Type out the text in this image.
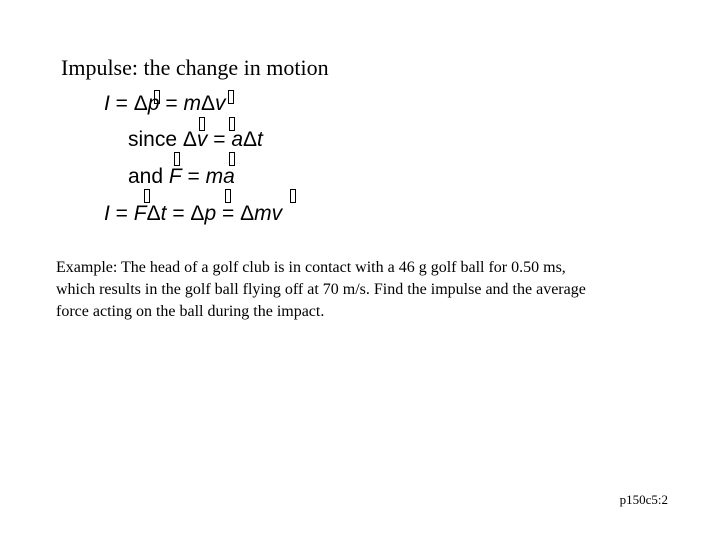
Impulse: the change in motion
I = Δp = mΔv
since Δv = aΔt
and F = ma
I = FΔt = Δp = Δmv
Example: The head of a golf club is in contact with a 46 g golf ball for 0.50 ms,
which results in the golf ball flying off at 70 m/s. Find the impulse and the average
force acting on the ball during the impact.
p150c5:2
